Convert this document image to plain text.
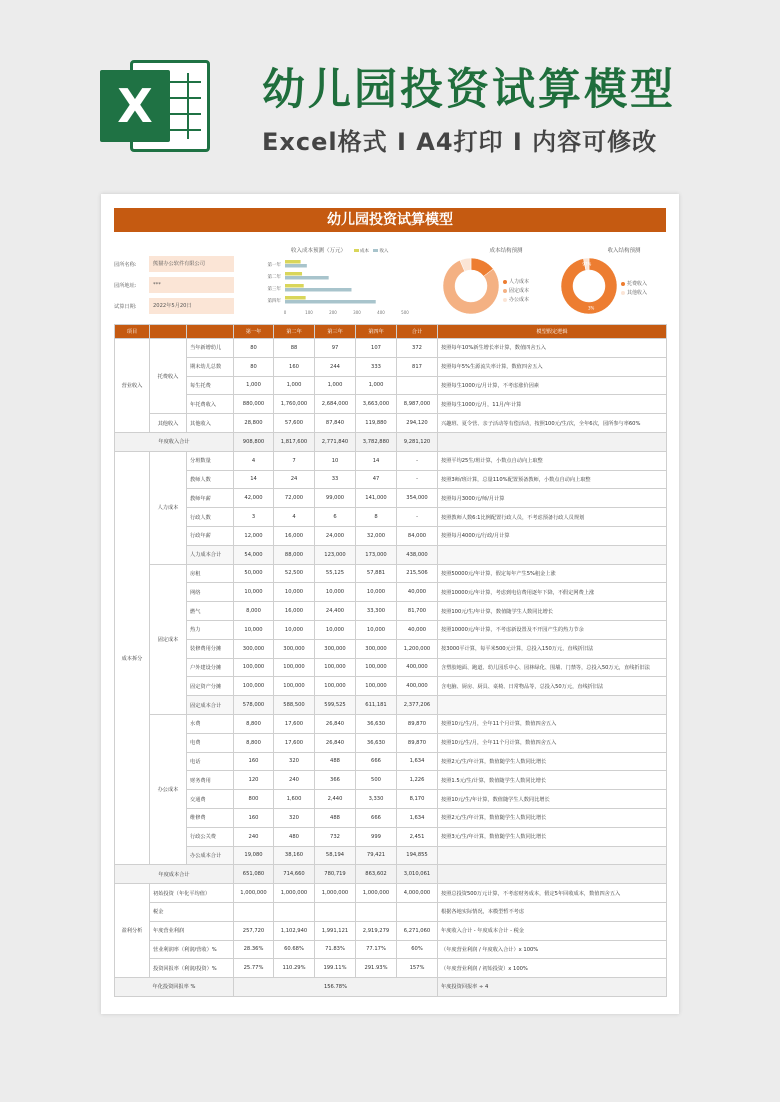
X	幼儿园投资试算模型
Excel格式 I A4打印 I 内容可修改
幼儿园投资试算模型
园所名称:	熊猫办公软件有限公司
园所地址:	***
试算日期:	2022年5月20日
收入成本预测（万元）	成本 收入
第一年
第二年
第三年
第四年
0	100	200	300	400	500
成本结构预测
人力成本
固定成本
办公成本
收入结构预测
3%
97%
托费收入
其他收入
项目			第一年	第二年	第三年	第四年	合计	模型假定逻辑
营业收入	托费收入	当年新增幼儿	80	88	97	107	372	按照每年10%新生增长率计算，数值四舍五入
		期末幼儿总数	80	160	244	333	817	按照每年5%生源流失率计算，数值四舍五入
		每生托费	1,000	1,000	1,000	1,000		按照每生1000元/月计算，不考虑涨价因素
		年托费收入	880,000	1,760,000	2,684,000	3,663,000	8,987,000	按照每生1000元/月，11月/年计算
	其他收入	其他收入	28,800	57,600	87,840	119,880	294,120	兴趣班、夏令营、亲子活动等有偿活动，按照100元/生/次，全年6次，园所参与率60%
年度收入合计			908,800	1,817,600	2,771,840	3,782,880	9,281,120	
成本拆分	人力成本	分班数量	4	7	10	14	-	按照平均25生/班计算，小数点自动向上取整
		教师人数	14	24	33	47	-	按照3师/班计算，总量110%配置预备教师，小数点自动向上取整
		教师年薪	42,000	72,000	99,000	141,000	354,000	按照每月3000元/师/月计算
		行政人数	3	4	6	8	-	按照教师人数6:1比例配置行政人员，不考虑预备行政人员规划
		行政年薪	12,000	16,000	24,000	32,000	84,000	按照每月4000元/行政/月计算
		人力成本合计	54,000	88,000	123,000	173,000	438,000	
	固定成本	房租	50,000	52,500	55,125	57,881	215,506	按照50000元/年计算，假定每年产生5%租金上涨
		网络	10,000	10,000	10,000	10,000	40,000	按照10000元/年计算，考虑到电信费用逐年下降，不假定网费上涨
		燃气	8,000	16,000	24,400	33,300	81,700	按照100元/生/年计算，数值随学生人数同比增长
		热力	10,000	10,000	10,000	10,000	40,000	按照10000元/年计算，不考虑新设置及不开园产生的热力节余
		装修费用分摊	300,000	300,000	300,000	300,000	1,200,000	按3000平计算，每平米500元计算，总投入150万元，直线折旧法
		户外建设分摊	100,000	100,000	100,000	100,000	400,000	含塑胶地面、跑道、幼儿园乐中心、园林绿化、围墙、门禁等，总投入50万元，直线折旧法
		固定资产分摊	100,000	100,000	100,000	100,000	400,000	含电脑、厨房、厨具、桌椅、日常物品等，总投入50万元，直线折旧法
		固定成本合计	578,000	588,500	599,525	611,181	2,377,206	
	办公成本	水费	8,800	17,600	26,840	36,630	89,870	按照10元/生/月，全年11个月计算，数值四舍五入
		电费	8,800	17,600	26,840	36,630	89,870	按照10元/生/月，全年11个月计算，数值四舍五入
		电话	160	320	488	666	1,634	按照2元/生/年计算，数值随学生人数同比增长
		财务费用	120	240	366	500	1,226	按照1.5元/生/计算，数值随学生人数同比增长
		交通费	800	1,600	2,440	3,330	8,170	按照10元/生/年计算，数值随学生人数同比增长
		维修费	160	320	488	666	1,634	按照2元/生/年计算，数值随学生人数同比增长
		行政公关费	240	480	732	999	2,451	按照3元/生/年计算，数值随学生人数同比增长
		办公成本合计	19,080	38,160	58,194	79,421	194,855	
年度成本合计			651,080	714,660	780,719	863,602	3,010,061	
盈利分析	初始投资（年化平均值）		1,000,000	1,000,000	1,000,000	1,000,000	4,000,000	按照总投资500万元计算，不考虑财务成本，假定5年回收成本，数值四舍五入
	税金							根据各地实际情况，本模型暂不考虑
	年度营业利润		257,720	1,102,940	1,991,121	2,919,279	6,271,060	年度收入合计 - 年度成本合计 - 税金
	营业利润率（利润/营收）%		28.36%	60.68%	71.83%	77.17%	60%	（年度营业利润 / 年度收入合计）x 100%
	投资回报率（利润/投资）%		25.77%	110.29%	199.11%	291.93%	157%	（年度营业利润 / 初始投资）x 100%
年化投资回报率 %			156.78%					年度投资回报率 ÷ 4
